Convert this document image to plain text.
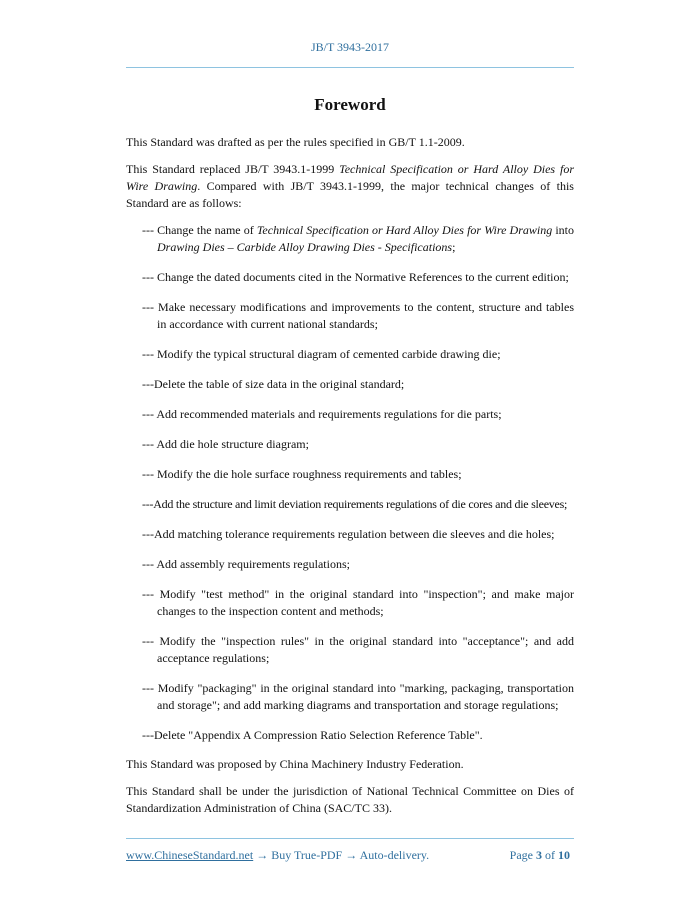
JB/T 3943-2017
Foreword

This Standard was drafted as per the rules specified in GB/T 1.1-2009.

This Standard replaced JB/T 3943.1-1999 Technical Specification or Hard Alloy Dies for Wire Drawing. Compared with JB/T 3943.1-1999, the major technical changes of this Standard are as follows:

--- Change the name of Technical Specification or Hard Alloy Dies for Wire Drawing into Drawing Dies – Carbide Alloy Drawing Dies - Specifications;
--- Change the dated documents cited in the Normative References to the current edition;
--- Make necessary modifications and improvements to the content, structure and tables in accordance with current national standards;
--- Modify the typical structural diagram of cemented carbide drawing die;
---Delete the table of size data in the original standard;
--- Add recommended materials and requirements regulations for die parts;
--- Add die hole structure diagram;
--- Modify the die hole surface roughness requirements and tables;
---Add the structure and limit deviation requirements regulations of die cores and die sleeves;
---Add matching tolerance requirements regulation between die sleeves and die holes;
--- Add assembly requirements regulations;
--- Modify "test method" in the original standard into "inspection"; and make major changes to the inspection content and methods;
--- Modify the "inspection rules" in the original standard into "acceptance"; and add acceptance regulations;
--- Modify "packaging" in the original standard into "marking, packaging, transportation and storage"; and add marking diagrams and transportation and storage regulations;
---Delete "Appendix A Compression Ratio Selection Reference Table".

This Standard was proposed by China Machinery Industry Federation.

This Standard shall be under the jurisdiction of National Technical Committee on Dies of Standardization Administration of China (SAC/TC 33).

www.ChineseStandard.net → Buy True-PDF → Auto-delivery.	Page 3 of 10
